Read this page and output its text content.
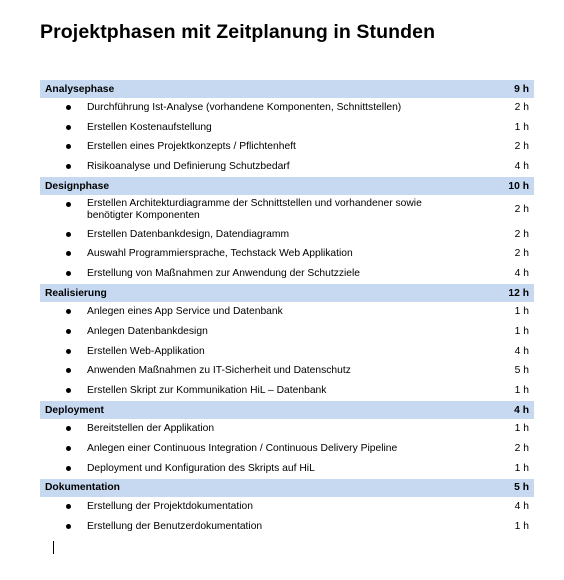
Projektphasen mit Zeitplanung in Stunden
Analysephase	9 h

Durchführung Ist-Analyse (vorhandene Komponenten, Schnittstellen)	2 h

Erstellen Kostenaufstellung	1 h

Erstellen eines Projektkonzepts / Pflichtenheft	2 h

Risikoanalyse und Definierung Schutzbedarf	4 h
Designphase	10 h

Erstellen Architekturdiagramme der Schnittstellen und vorhandener sowie benötigter Komponenten	2 h

Erstellen Datenbankdesign, Datendiagramm	2 h

Auswahl Programmiersprache, Techstack Web Applikation	2 h

Erstellung von Maßnahmen zur Anwendung der Schutzziele	4 h
Realisierung	12 h

Anlegen eines App Service und Datenbank	1 h

Anlegen Datenbankdesign	1 h

Erstellen Web-Applikation	4 h

Anwenden Maßnahmen zu IT-Sicherheit und Datenschutz	5 h

Erstellen Skript zur Kommunikation HiL – Datenbank	1 h
Deployment	4 h

Bereitstellen der Applikation	1 h

Anlegen einer Continuous Integration / Continuous Delivery Pipeline	2 h

Deployment und Konfiguration des Skripts auf HiL	1 h
Dokumentation	5 h

Erstellung der Projektdokumentation	4 h

Erstellung der Benutzerdokumentation	1 h
